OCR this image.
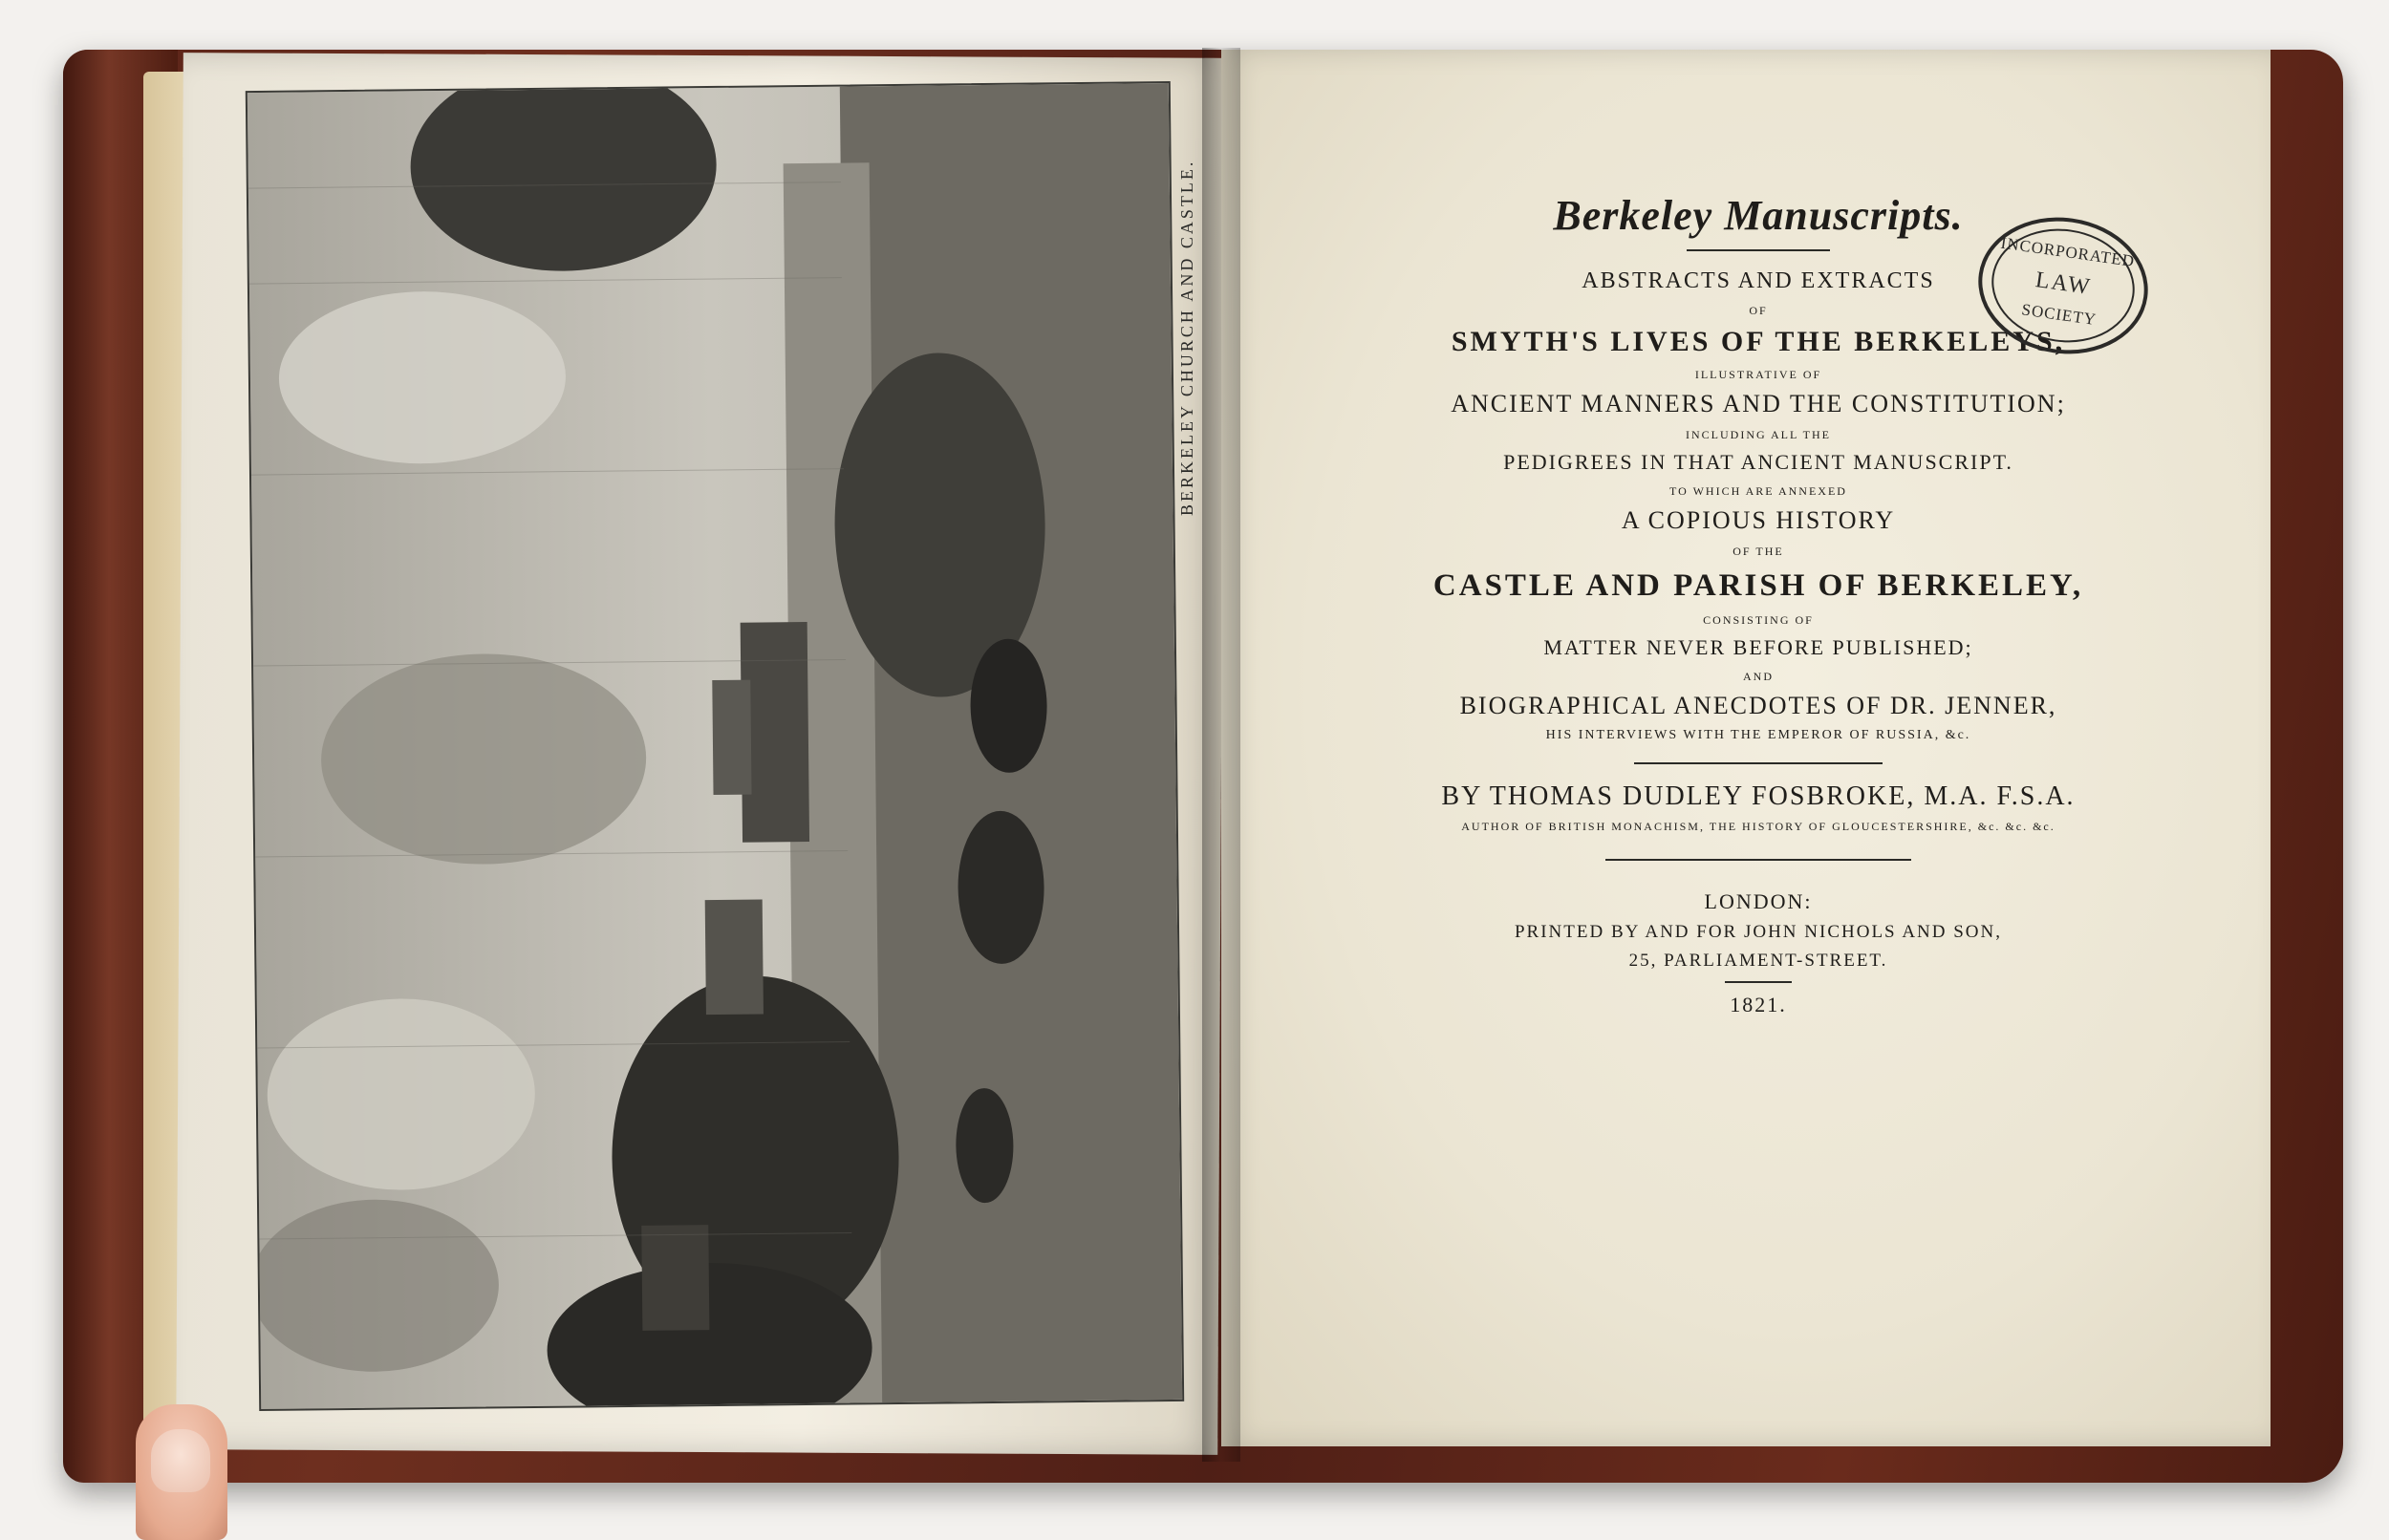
BERKELEY CHURCH AND CASTLE.	Berkeley Manuscripts.
ABSTRACTS AND EXTRACTS
OF
SMYTH'S LIVES OF THE BERKELEYS,
ILLUSTRATIVE OF
ANCIENT MANNERS AND THE CONSTITUTION;
INCLUDING ALL THE
PEDIGREES IN THAT ANCIENT MANUSCRIPT.
TO WHICH ARE ANNEXED
A COPIOUS HISTORY
OF THE
CASTLE AND PARISH OF BERKELEY,
CONSISTING OF
MATTER NEVER BEFORE PUBLISHED;
AND
BIOGRAPHICAL ANECDOTES OF DR. JENNER,
HIS INTERVIEWS WITH THE EMPEROR OF RUSSIA, &c.
BY THOMAS DUDLEY FOSBROKE, M.A. F.S.A.
AUTHOR OF BRITISH MONACHISM, THE HISTORY OF GLOUCESTERSHIRE, &c. &c. &c.
LONDON:
PRINTED BY AND FOR JOHN NICHOLS AND SON,
25, PARLIAMENT-STREET.
1821.
INCORPORATED
LAW
SOCIETY
